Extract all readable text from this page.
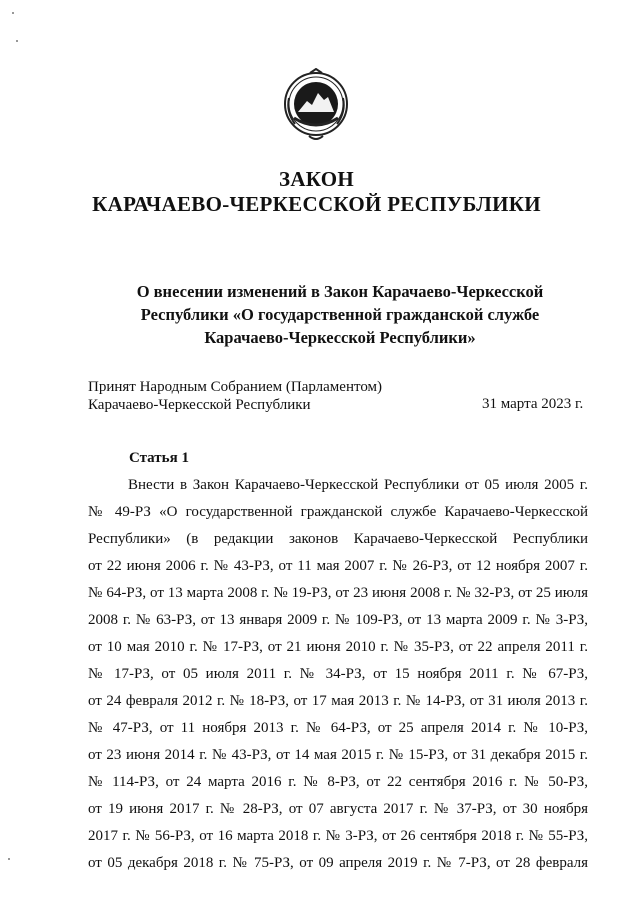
ЗАКОН
КАРАЧАЕВО-ЧЕРКЕССКОЙ РЕСПУБЛИКИ
О внесении изменений в Закон Карачаево-Черкесской
Республики «О государственной гражданской службе
Карачаево-Черкесской Республики»
Принят Народным Собранием (Парламентом)
Карачаево-Черкесской Республики	31 марта 2023 г.
Статья 1
Внести в Закон Карачаево-Черкесской Республики от 05 июля 2005 г.
№ 49-РЗ «О государственной гражданской службе Карачаево-Черкесской
Республики» (в редакции законов Карачаево-Черкесской Республики
от 22 июня 2006 г. № 43-РЗ, от 11 мая 2007 г. № 26-РЗ, от 12 ноября 2007 г.
№ 64-РЗ, от 13 марта 2008 г. № 19-РЗ, от 23 июня 2008 г. № 32-РЗ, от 25 июля
2008 г. № 63-РЗ, от 13 января 2009 г. № 109-РЗ, от 13 марта 2009 г. № 3-РЗ,
от 10 мая 2010 г. № 17-РЗ, от 21 июня 2010 г. № 35-РЗ, от 22 апреля 2011 г.
№ 17-РЗ, от 05 июля 2011 г. № 34-РЗ, от 15 ноября 2011 г. № 67-РЗ,
от 24 февраля 2012 г. № 18-РЗ, от 17 мая 2013 г. № 14-РЗ, от 31 июля 2013 г.
№ 47-РЗ, от 11 ноября 2013 г. № 64-РЗ, от 25 апреля 2014 г. № 10-РЗ,
от 23 июня 2014 г. № 43-РЗ, от 14 мая 2015 г. № 15-РЗ, от 31 декабря 2015 г.
№ 114-РЗ, от 24 марта 2016 г. № 8-РЗ, от 22 сентября 2016 г. № 50-РЗ,
от 19 июня 2017 г. № 28-РЗ, от 07 августа 2017 г. № 37-РЗ, от 30 ноября
2017 г. № 56-РЗ, от 16 марта 2018 г. № 3-РЗ, от 26 сентября 2018 г. № 55-РЗ,
от 05 декабря 2018 г. № 75-РЗ, от 09 апреля 2019 г. № 7-РЗ, от 28 февраля
